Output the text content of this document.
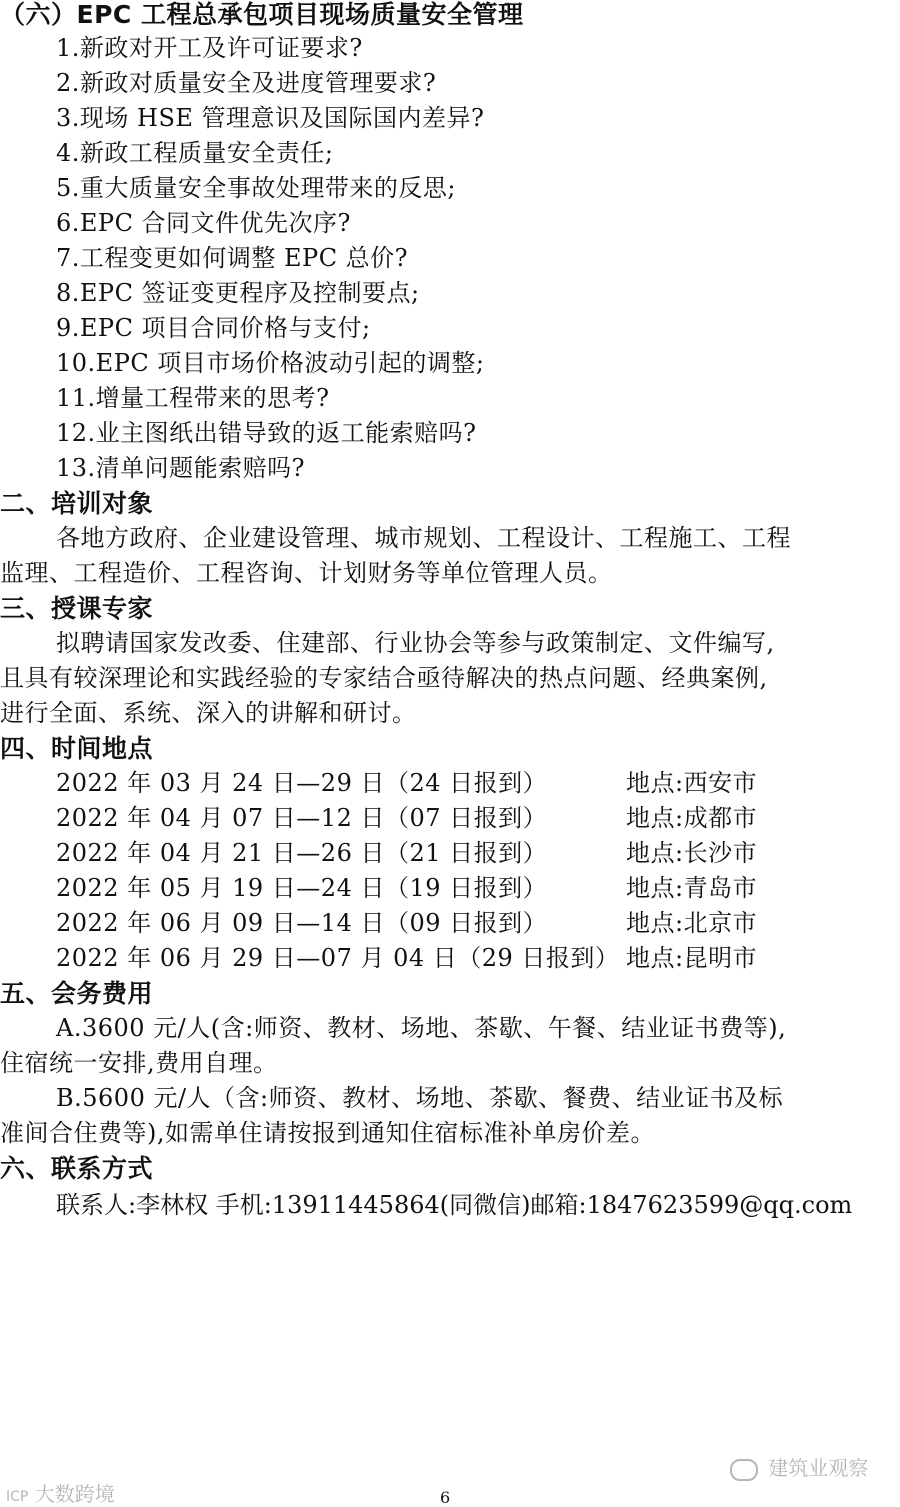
（六）EPC 工程总承包项目现场质量安全管理
1.新政对开工及许可证要求?
2.新政对质量安全及进度管理要求?
3.现场 HSE 管理意识及国际国内差异?
4.新政工程质量安全责任;
5.重大质量安全事故处理带来的反思;
6.EPC 合同文件优先次序?
7.工程变更如何调整 EPC 总价?
8.EPC 签证变更程序及控制要点;
9.EPC 项目合同价格与支付;
10.EPC 项目市场价格波动引起的调整;
11.增量工程带来的思考?
12.业主图纸出错导致的返工能索赔吗?
13.清单问题能索赔吗?
二、培训对象
各地方政府、企业建设管理、城市规划、工程设计、工程施工、工程
监理、工程造价、工程咨询、计划财务等单位管理人员。
三、授课专家
拟聘请国家发改委、住建部、行业协会等参与政策制定、文件编写,
且具有较深理论和实践经验的专家结合亟待解决的热点问题、经典案例,
进行全面、系统、深入的讲解和研讨。
四、时间地点
2022 年 03 月 24 日—29 日（24 日报到）	地点:西安市
2022 年 04 月 07 日—12 日（07 日报到）	地点:成都市
2022 年 04 月 21 日—26 日（21 日报到）	地点:长沙市
2022 年 05 月 19 日—24 日（19 日报到）	地点:青岛市
2022 年 06 月 09 日—14 日（09 日报到）	地点:北京市
2022 年 06 月 29 日—07 月 04 日（29 日报到） 地点:昆明市
五、会务费用
A.3600 元/人(含:师资、教材、场地、茶歇、午餐、结业证书费等),
住宿统一安排,费用自理。
B.5600 元/人（含:师资、教材、场地、茶歇、餐费、结业证书及标
准间合住费等),如需单住请按报到通知住宿标准补单房价差。
六、联系方式
联系人:李林权 手机:13911445864(同微信)邮箱:1847623599@qq.com
ICP 大数跨境
建筑业观察
6
